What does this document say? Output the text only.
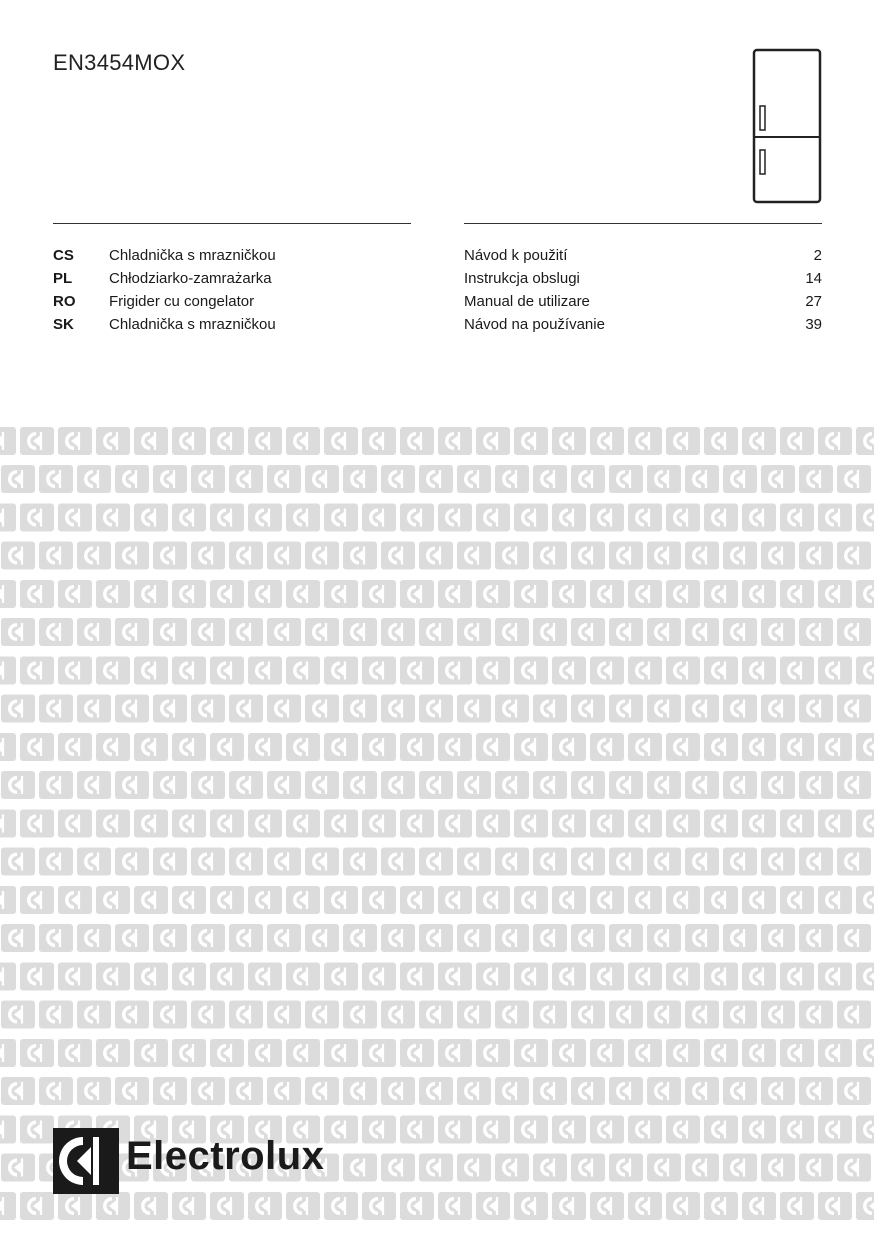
EN3454MOX
CS Chladnička s mrazničkou	Návod k použití	2
PL Chłodziarko-zamrażarka	Instrukcja obslugi	14
RO Frigider cu congelator	Manual de utilizare	27
SK Chladnička s mrazničkou	Návod na používanie	39
Electrolux
